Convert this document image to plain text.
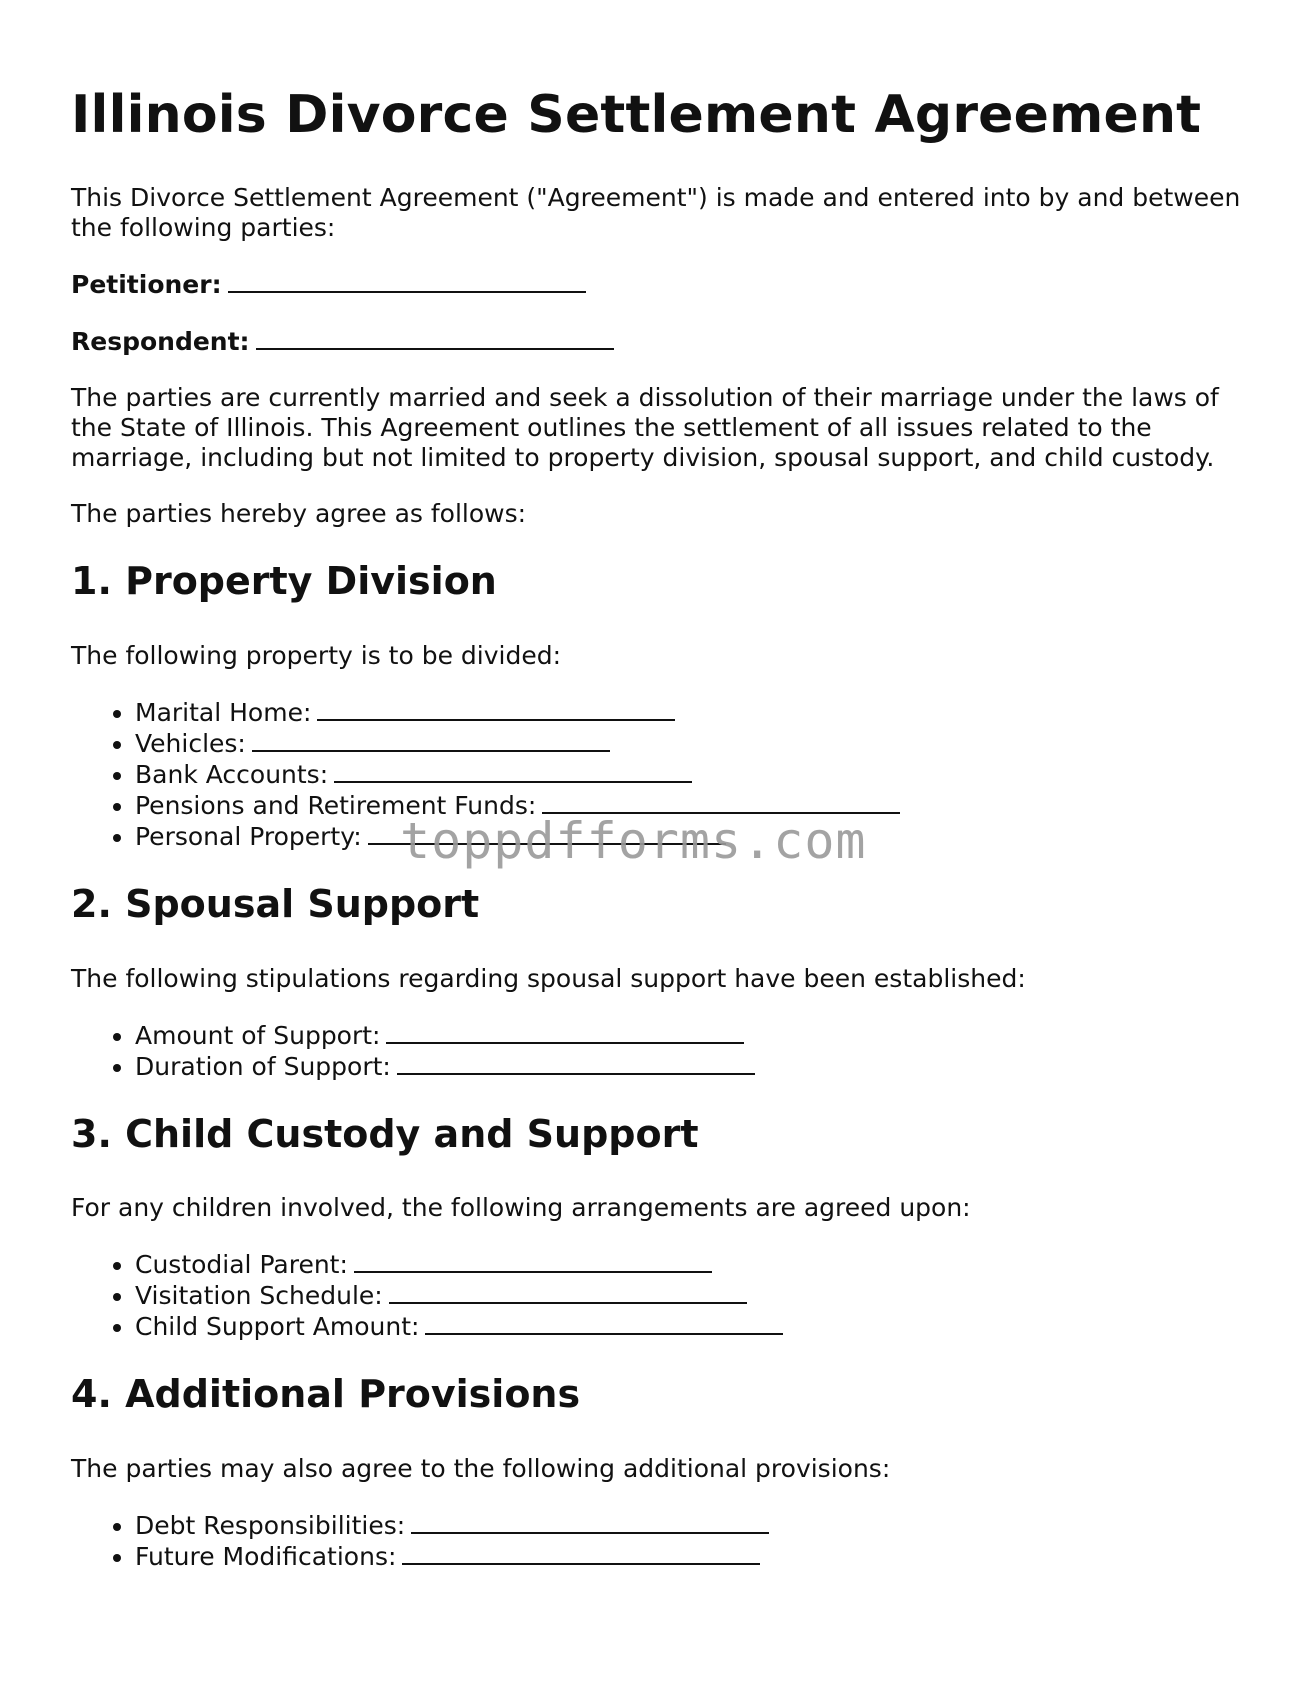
Illinois Divorce Settlement Agreement

This Divorce Settlement Agreement ("Agreement") is made and entered into by and between the following parties:

Petitioner:

Respondent:

The parties are currently married and seek a dissolution of their marriage under the laws of the State of Illinois. This Agreement outlines the settlement of all issues related to the marriage, including but not limited to property division, spousal support, and child custody.

The parties hereby agree as follows:

1. Property Division

The following property is to be divided:

• Marital Home:
• Vehicles:
• Bank Accounts:
• Pensions and Retirement Funds:
• Personal Property:
2. Spousal Support

The following stipulations regarding spousal support have been established:

• Amount of Support:
• Duration of Support:
3. Child Custody and Support

For any children involved, the following arrangements are agreed upon:

• Custodial Parent:
• Visitation Schedule:
• Child Support Amount:
4. Additional Provisions

The parties may also agree to the following additional provisions:

• Debt Responsibilities:
• Future Modifications:
toppdfforms.com
